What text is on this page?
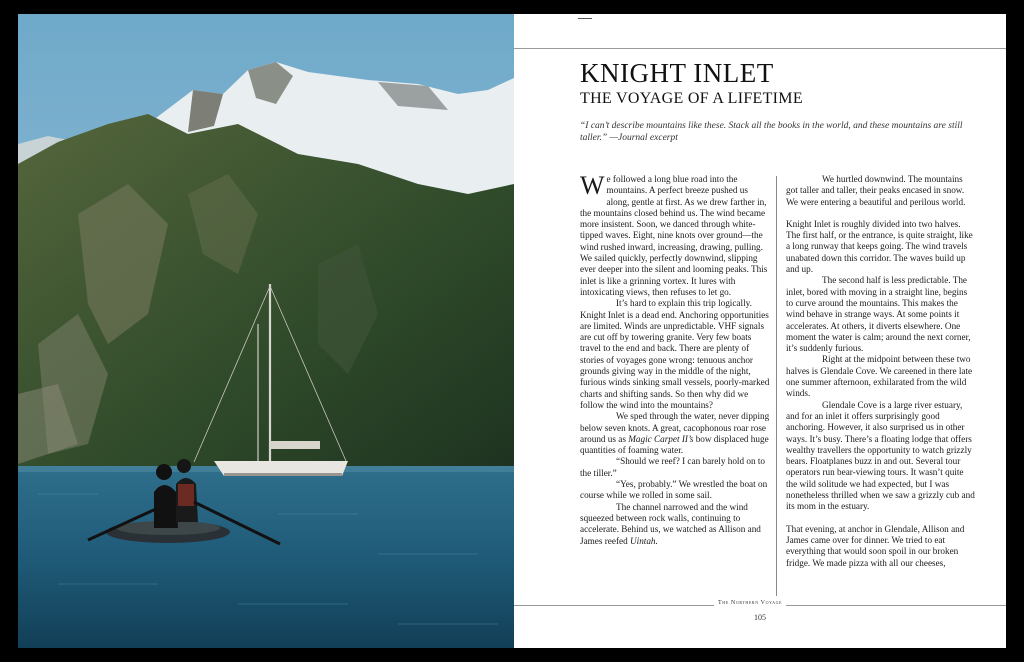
KNIGHT INLET
THE VOYAGE OF A LIFETIME
“I can’t describe mountains like these. Stack all the books in the world, and these mountains are still taller.” —Journal excerpt

We followed a long blue road into the mountains. A perfect breeze pushed us along, gentle at first. As we drew farther in, the mountains closed behind us. The wind became more insistent. Soon, we danced through white-tipped waves. Eight, nine knots over ground—the wind rushed inward, increasing, drawing, pulling. We sailed quickly, perfectly downwind, slipping ever deeper into the silent and looming peaks. This inlet is like a grinning vortex. It lures with intoxicating views, then refuses to let go.

It’s hard to explain this trip logically. Knight Inlet is a dead end. Anchoring opportunities are limited. Winds are unpredictable. VHF signals are cut off by towering granite. Very few boats travel to the end and back. There are plenty of stories of voyages gone wrong: tenuous anchor grounds giving way in the middle of the night, furious winds sinking small vessels, poorly-marked charts and shifting sands. So then why did we follow the wind into the mountains?

We sped through the water, never dipping below seven knots. A great, cacophonous roar rose around us as Magic Carpet II’s bow displaced huge quantities of foaming water.

“Should we reef? I can barely hold on to the tiller.”

“Yes, probably.” We wrestled the boat on course while we rolled in some sail.

The channel narrowed and the wind squeezed between rock walls, continuing to accelerate. Behind us, we watched as Allison and James reefed Uintah.

We hurtled downwind. The mountains got taller and taller, their peaks encased in snow. We were entering a beautiful and perilous world.

Knight Inlet is roughly divided into two halves. The first half, or the entrance, is quite straight, like a long runway that keeps going. The wind travels unabated down this corridor. The waves build up and up.

The second half is less predictable. The inlet, bored with moving in a straight line, begins to curve around the mountains. This makes the wind behave in strange ways. At some points it accelerates. At others, it diverts elsewhere. One moment the water is calm; around the next corner, it’s suddenly furious.

Right at the midpoint between these two halves is Glendale Cove. We careened in there late one summer afternoon, exhilarated from the wild winds.

Glendale Cove is a large river estuary, and for an inlet it offers surprisingly good anchoring. However, it also surprised us in other ways. It’s busy. There’s a floating lodge that offers wealthy travellers the opportunity to watch grizzly bears. Floatplanes buzz in and out. Several tour operators run bear-viewing tours. It wasn’t quite the wild solitude we had expected, but I was nonetheless thrilled when we saw a grizzly cub and its mom in the estuary.

That evening, at anchor in Glendale, Allison and James came over for dinner. We tried to eat everything that would soon spoil in our broken fridge. We made pizza with all our cheeses,

The Northern Voyage
105
